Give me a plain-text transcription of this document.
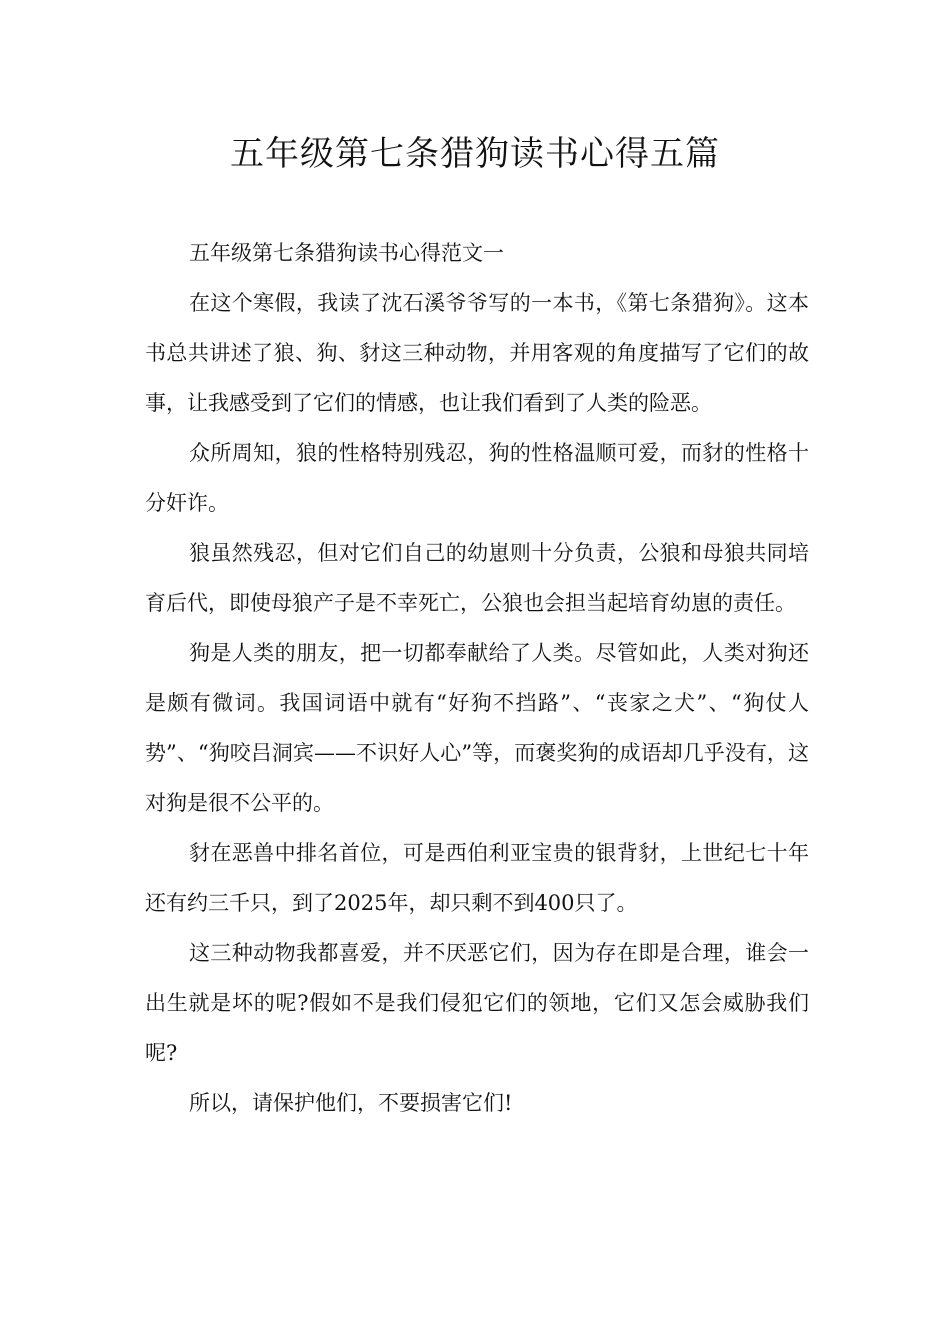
五年级第七条猎狗读书心得五篇

五年级第七条猎狗读书心得范文一

在这个寒假，我读了沈石溪爷爷写的一本书，《第七条猎狗》。这本书总共讲述了狼、狗、豺这三种动物，并用客观的角度描写了它们的故事，让我感受到了它们的情感，也让我们看到了人类的险恶。

众所周知，狼的性格特别残忍，狗的性格温顺可爱，而豺的性格十分奸诈。

狼虽然残忍，但对它们自己的幼崽则十分负责，公狼和母狼共同培育后代，即使母狼产子是不幸死亡，公狼也会担当起培育幼崽的责任。

狗是人类的朋友，把一切都奉献给了人类。尽管如此，人类对狗还是颇有微词。我国词语中就有“好狗不挡路”、“丧家之犬”、“狗仗人势”、“狗咬吕洞宾——不识好人心”等，而褒奖狗的成语却几乎没有，这对狗是很不公平的。

豺在恶兽中排名首位，可是西伯利亚宝贵的银背豺，上世纪七十年还有约三千只，到了2025年，却只剩不到400只了。

这三种动物我都喜爱，并不厌恶它们，因为存在即是合理，谁会一出生就是坏的呢?假如不是我们侵犯它们的领地，它们又怎会威胁我们呢?

所以，请保护他们，不要损害它们!
